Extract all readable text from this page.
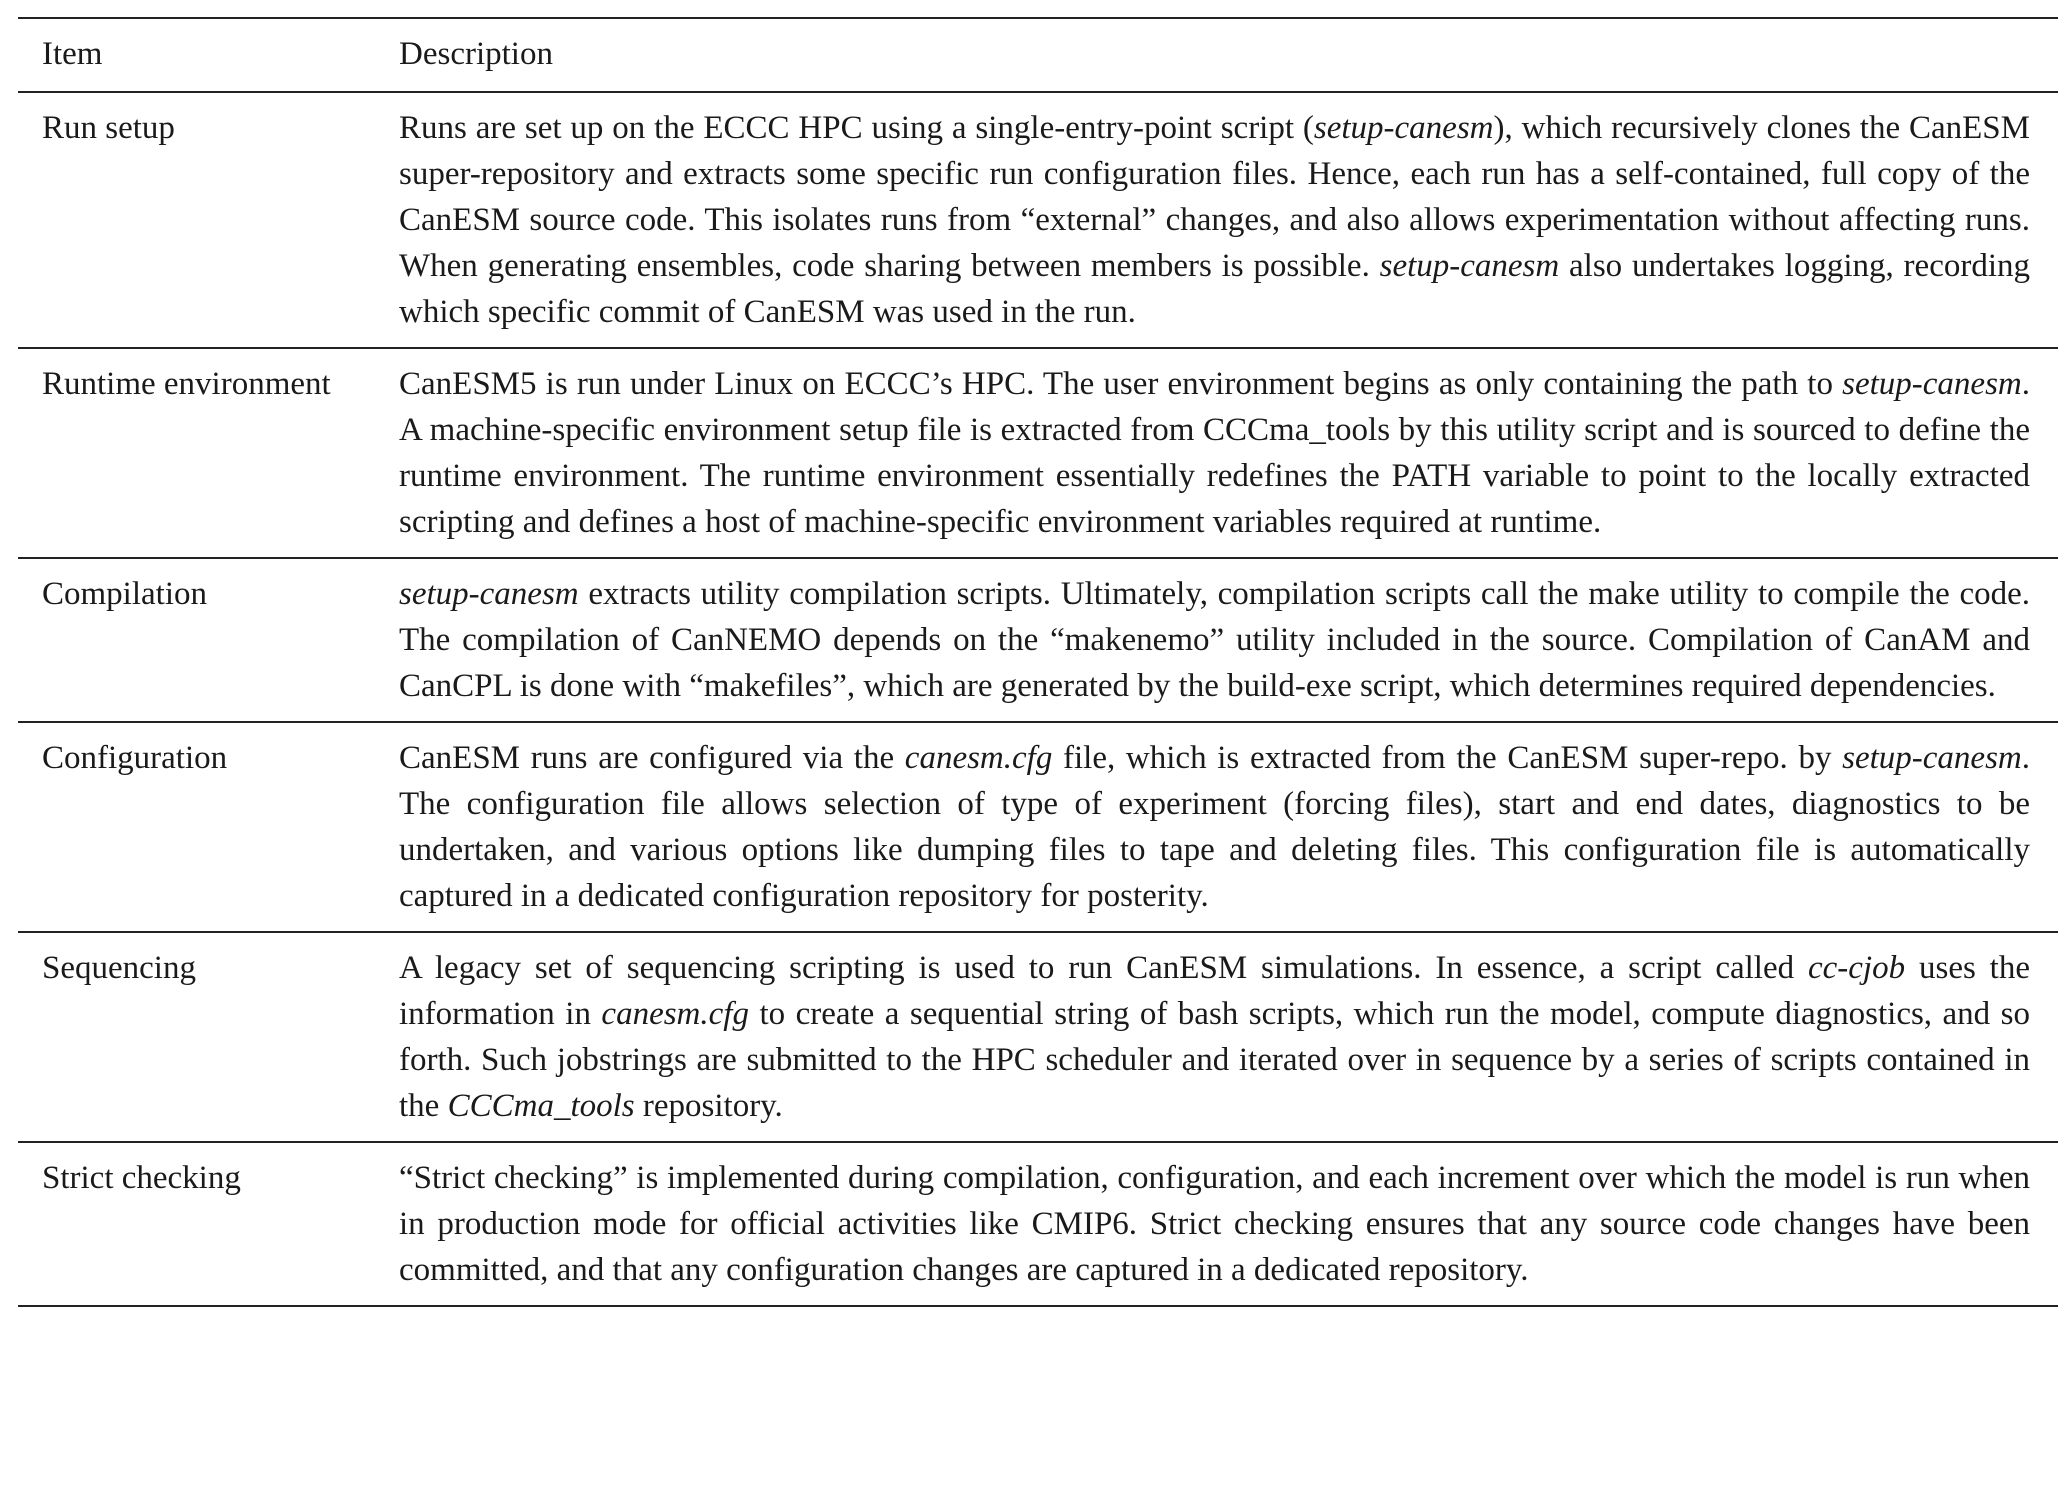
Item	Description
Run setup	Runs are set up on the ECCC HPC using a single-entry-point script (setup-canesm), which recursively clones the CanESM super-repository and extracts some specific run configuration files. Hence, each run has a self-contained, full copy of the CanESM source code. This isolates runs from “external” changes, and also allows experimentation without affecting runs. When generating ensembles, code sharing between members is possible. setup-canesm also undertakes logging, recording which specific commit of CanESM was used in the run.
Runtime environment	CanESM5 is run under Linux on ECCC’s HPC. The user environment begins as only containing the path to setup-canesm. A machine-specific environment setup file is extracted from CCCma_tools by this utility script and is sourced to define the runtime environment. The runtime environment essentially redefines the PATH variable to point to the locally extracted scripting and defines a host of machine-specific environment variables required at runtime.
Compilation	setup-canesm extracts utility compilation scripts. Ultimately, compilation scripts call the make utility to compile the code. The compilation of CanNEMO depends on the “makenemo” utility included in the source. Compilation of CanAM and CanCPL is done with “makefiles”, which are generated by the build-exe script, which determines required dependencies.
Configuration	CanESM runs are configured via the canesm.cfg file, which is extracted from the CanESM super-repo. by setup-canesm. The configuration file allows selection of type of experiment (forcing files), start and end dates, diagnostics to be undertaken, and various options like dumping files to tape and deleting files. This configuration file is automatically captured in a dedicated configuration repository for posterity.
Sequencing	A legacy set of sequencing scripting is used to run CanESM simulations. In essence, a script called cc-cjob uses the information in canesm.cfg to create a sequential string of bash scripts, which run the model, compute diagnostics, and so forth. Such jobstrings are submitted to the HPC scheduler and iterated over in sequence by a series of scripts contained in the CCCma_tools repository.
Strict checking	“Strict checking” is implemented during compilation, configuration, and each increment over which the model is run when in production mode for official activities like CMIP6. Strict checking ensures that any source code changes have been committed, and that any configuration changes are captured in a dedicated repository.
